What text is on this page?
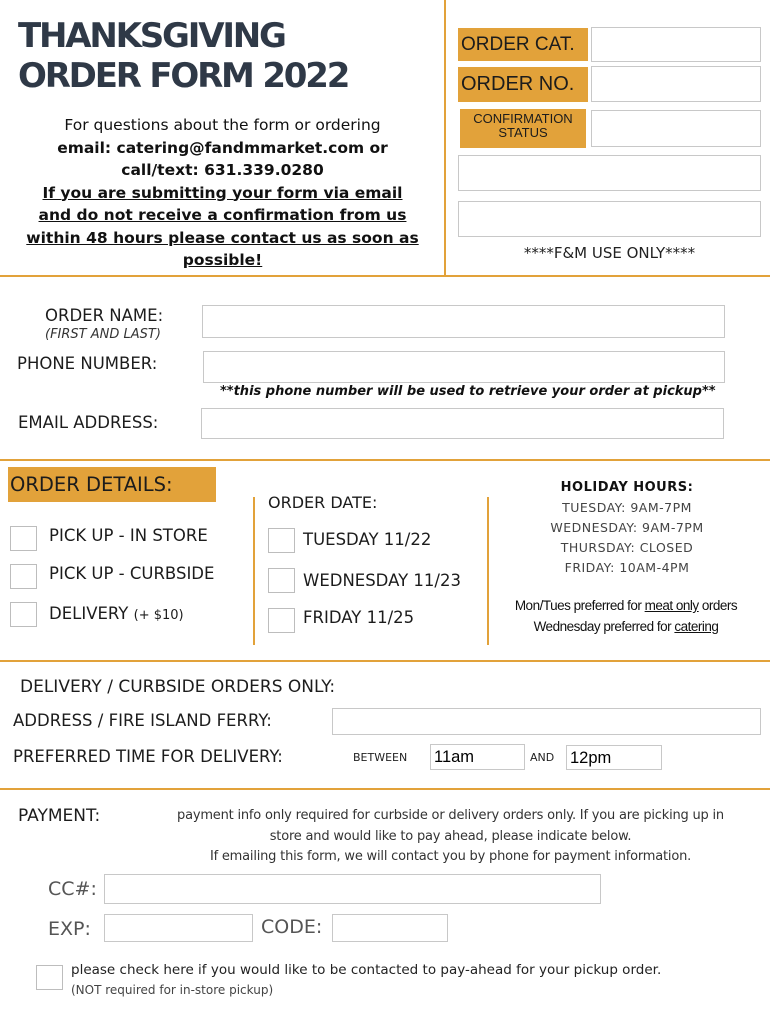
THANKSGIVING
ORDER FORM 2022
For questions about the form or ordering
email: catering@fandmmarket.com or
call/text: 631.339.0280
If you are submitting your form via email
and do not receive a confirmation from us
within 48 hours please contact us as soon as
possible!
ORDER CAT.
ORDER NO.
CONFIRMATION
STATUS
****F&M USE ONLY****
ORDER NAME:
(FIRST AND LAST)
PHONE NUMBER:
**this phone number will be used to retrieve your order at pickup**
EMAIL ADDRESS:
ORDER DETAILS:
PICK UP - IN STORE
PICK UP - CURBSIDE
DELIVERY (+ $10)
ORDER DATE:
TUESDAY 11/22
WEDNESDAY 11/23
FRIDAY 11/25
HOLIDAY HOURS:
TUESDAY: 9AM-7PM
WEDNESDAY: 9AM-7PM
THURSDAY: CLOSED
FRIDAY: 10AM-4PM
Mon/Tues preferred for meat only orders
Wednesday preferred for catering
DELIVERY / CURBSIDE ORDERS ONLY:
ADDRESS / FIRE ISLAND FERRY:
PREFERRED TIME FOR DELIVERY:	BETWEEN 11am	AND 12pm
PAYMENT:	payment info only required for curbside or delivery orders only. If you are picking up in
store and would like to pay ahead, please indicate below.
If emailing this form, we will contact you by phone for payment information.
CC#:
EXP:	CODE:
please check here if you would like to be contacted to pay-ahead for your pickup order.
(NOT required for in-store pickup)
